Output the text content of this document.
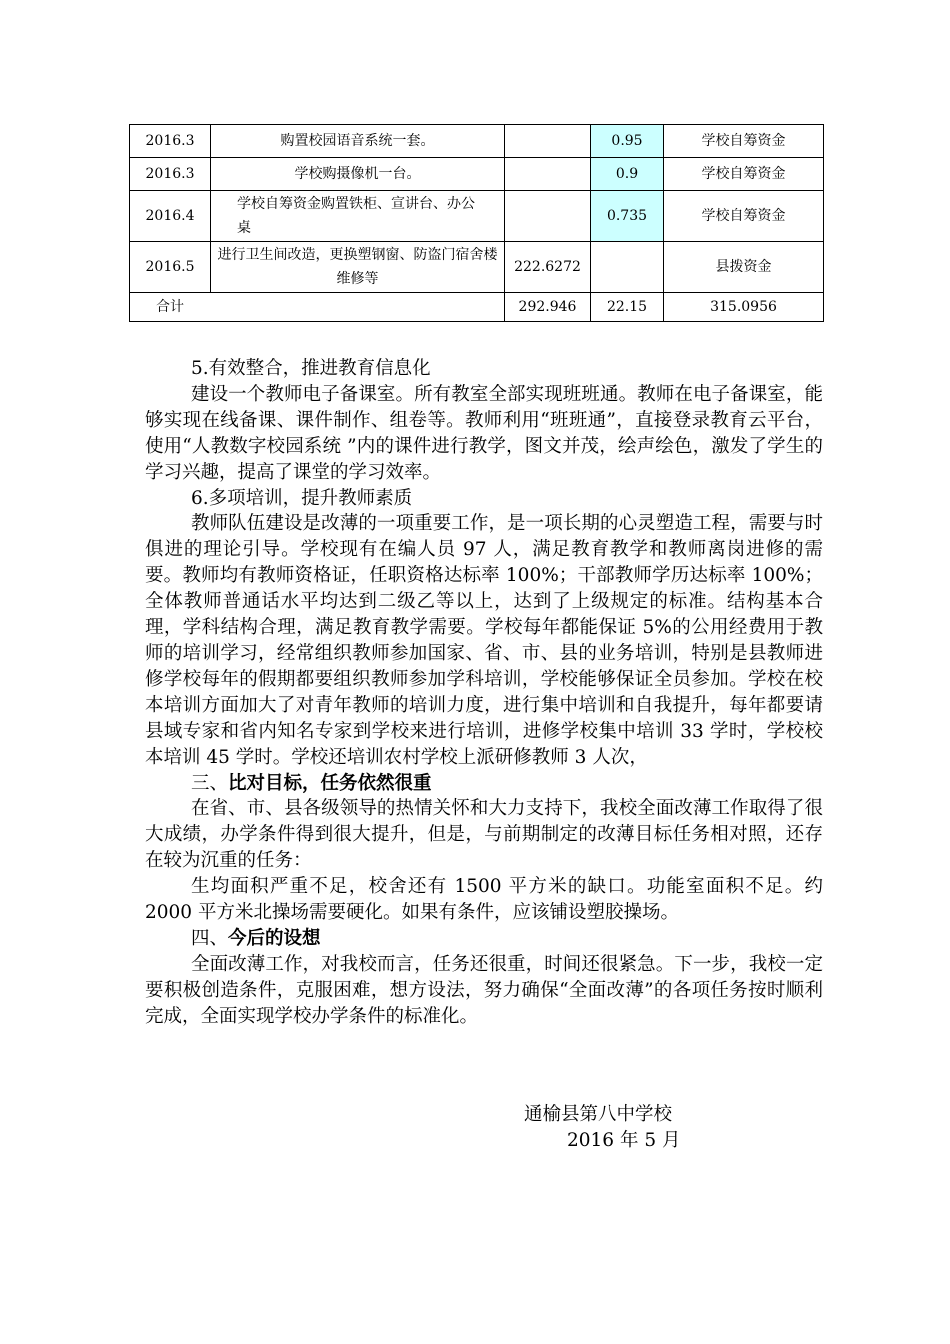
2016.3	购置校园语音系统一套。		0.95	学校自筹资金
2016.3	学校购摄像机一台。		0.9	学校自筹资金
2016.4	学校自筹资金购置铁柜、宣讲台、办公桌		0.735	学校自筹资金
2016.5	进行卫生间改造，更换塑钢窗、防盗门宿舍楼维修等	222.6272		县拨资金
合计		292.946	22.15	315.0956

5.有效整合，推进教育信息化

建设一个教师电子备课室。所有教室全部实现班班通。教师在电子备课室，能够实现在线备课、课件制作、组卷等。教师利用“班班通”，直接登录教育云平台，使用“人教数字校园系统 ”内的课件进行教学，图文并茂，绘声绘色，激发了学生的学习兴趣，提高了课堂的学习效率。

6.多项培训，提升教师素质

教师队伍建设是改薄的一项重要工作，是一项长期的心灵塑造工程，需要与时俱进的理论引导。学校现有在编人员 97 人，满足教育教学和教师离岗进修的需要。教师均有教师资格证，任职资格达标率 100%；干部教师学历达标率 100%；全体教师普通话水平均达到二级乙等以上，达到了上级规定的标准。结构基本合理，学科结构合理，满足教育教学需要。学校每年都能保证 5%的公用经费用于教师的培训学习，经常组织教师参加国家、省、市、县的业务培训，特别是县教师进修学校每年的假期都要组织教师参加学科培训，学校能够保证全员参加。学校在校本培训方面加大了对青年教师的培训力度，进行集中培训和自我提升，每年都要请县域专家和省内知名专家到学校来进行培训，进修学校集中培训 33 学时，学校校本培训 45 学时。学校还培训农村学校上派研修教师 3 人次，

三、比对目标，任务依然很重

在省、市、县各级领导的热情关怀和大力支持下，我校全面改薄工作取得了很大成绩，办学条件得到很大提升，但是，与前期制定的改薄目标任务相对照，还存在较为沉重的任务：

生均面积严重不足，校舍还有 1500 平方米的缺口。功能室面积不足。约 2000 平方米北操场需要硬化。如果有条件，应该铺设塑胶操场。

四、今后的设想

全面改薄工作，对我校而言，任务还很重，时间还很紧急。下一步，我校一定要积极创造条件，克服困难，想方设法，努力确保“全面改薄”的各项任务按时顺利完成，全面实现学校办学条件的标准化。

通榆县第八中学校
2016 年 5 月
